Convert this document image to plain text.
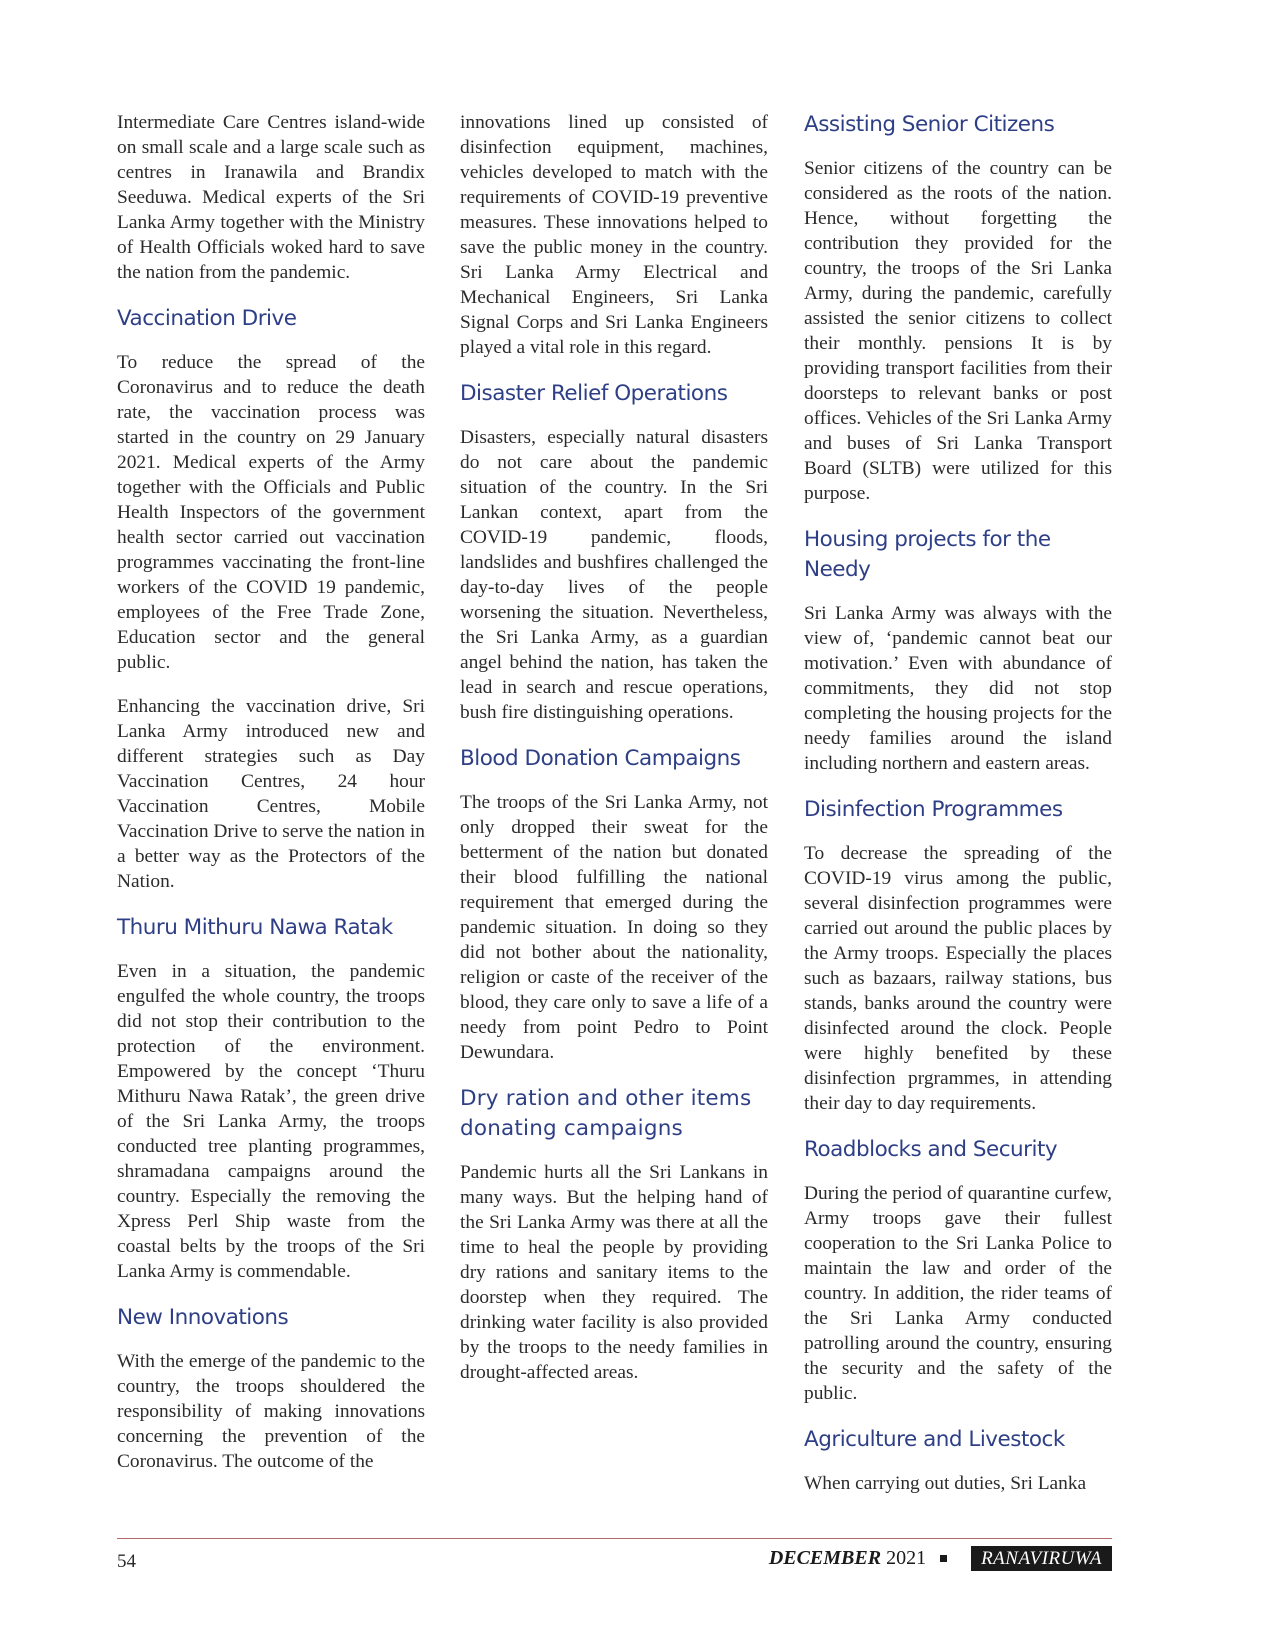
Intermediate Care Centres island-wide on small scale and a large scale such as centres in Iranawila and Brandix Seeduwa. Medical experts of the Sri Lanka Army together with the Ministry of Health Officials woked hard to save the nation from the pandemic.

Vaccination Drive

To reduce the spread of the Coronavirus and to reduce the death rate, the vaccination process was started in the country on 29 January 2021. Medical experts of the Army together with the Officials and Public Health Inspectors of the government health sector carried out vaccination programmes vaccinating the front-line workers of the COVID 19 pandemic, employees of the Free Trade Zone, Education sector and the general public.

Enhancing the vaccination drive, Sri Lanka Army introduced new and different strategies such as Day Vaccination Centres, 24 hour Vaccination Centres, Mobile Vaccination Drive to serve the nation in a better way as the Protectors of the Nation.

Thuru Mithuru Nawa Ratak

Even in a situation, the pandemic engulfed the whole country, the troops did not stop their contribution to the protection of the environment. Empowered by the concept ‘Thuru Mithuru Nawa Ratak’, the green drive of the Sri Lanka Army, the troops conducted tree planting programmes, shramadana campaigns around the country. Especially the removing the Xpress Perl Ship waste from the coastal belts by the troops of the Sri Lanka Army is commendable.

New Innovations

With the emerge of the pandemic to the country, the troops shouldered the responsibility of making innovations concerning the prevention of the Coronavirus. The outcome of the

innovations lined up consisted of disinfection equipment, machines, vehicles developed to match with the requirements of COVID-19 preventive measures. These innovations helped to save the public money in the country. Sri Lanka Army Electrical and Mechanical Engineers, Sri Lanka Signal Corps and Sri Lanka Engineers played a vital role in this regard.

Disaster Relief Operations

Disasters, especially natural disasters do not care about the pandemic situation of the country. In the Sri Lankan context, apart from the COVID-19 pandemic, floods, landslides and bushfires challenged the day-to-day lives of the people worsening the situation. Nevertheless, the Sri Lanka Army, as a guardian angel behind the nation, has taken the lead in search and rescue operations, bush fire distinguishing operations.

Blood Donation Campaigns

The troops of the Sri Lanka Army, not only dropped their sweat for the betterment of the nation but donated their blood fulfilling the national requirement that emerged during the pandemic situation. In doing so they did not bother about the nationality, religion or caste of the receiver of the blood, they care only to save a life of a needy from point Pedro to Point Dewundara.

Dry ration and other items donating campaigns

Pandemic hurts all the Sri Lankans in many ways. But the helping hand of the Sri Lanka Army was there at all the time to heal the people by providing dry rations and sanitary items to the doorstep when they required. The drinking water facility is also provided by the troops to the needy families in drought-affected areas.

Assisting Senior Citizens

Senior citizens of the country can be considered as the roots of the nation. Hence, without forgetting the contribution they provided for the country, the troops of the Sri Lanka Army, during the pandemic, carefully assisted the senior citizens to collect their monthly. pensions It is by providing transport facilities from their doorsteps to relevant banks or post offices. Vehicles of the Sri Lanka Army and buses of Sri Lanka Transport Board (SLTB) were utilized for this purpose.

Housing projects for the Needy

Sri Lanka Army was always with the view of, ‘pandemic cannot beat our motivation.’ Even with abundance of commitments, they did not stop completing the housing projects for the needy families around the island including northern and eastern areas.

Disinfection Programmes

To decrease the spreading of the COVID-19 virus among the public, several disinfection programmes were carried out around the public places by the Army troops. Especially the places such as bazaars, railway stations, bus stands, banks around the country were disinfected around the clock. People were highly benefited by these disinfection prgrammes, in attending their day to day requirements.

Roadblocks and Security

During the period of quarantine curfew, Army troops gave their fullest cooperation to the Sri Lanka Police to maintain the law and order of the country. In addition, the rider teams of the Sri Lanka Army conducted patrolling around the country, ensuring the security and the safety of the public.

Agriculture and Livestock

When carrying out duties, Sri Lanka

54	DECEMBER 2021	RANAVIRUWA
